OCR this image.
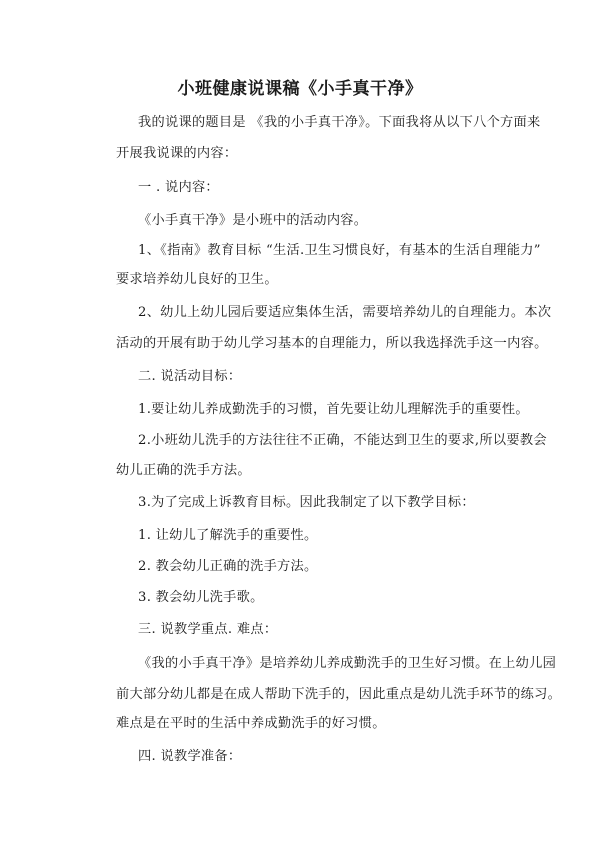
小班健康说课稿《小手真干净》
我的说课的题目是 《我的小手真干净》。下面我将从以下八个方面来
开展我说课的内容：
一 . 说内容：
《小手真干净》是小班中的活动内容。
1、《指南》教育目标 “生活.卫生习惯良好，有基本的生活自理能力”
要求培养幼儿良好的卫生。
2、幼儿上幼儿园后要适应集体生活，需要培养幼儿的自理能力。本次
活动的开展有助于幼儿学习基本的自理能力，所以我选择洗手这一内容。
二. 说活动目标：
1.要让幼儿养成勤洗手的习惯，首先要让幼儿理解洗手的重要性。
2.小班幼儿洗手的方法往往不正确，不能达到卫生的要求,所以要教会
幼儿正确的洗手方法。
3.为了完成上诉教育目标。因此我制定了以下教学目标：
1. 让幼儿了解洗手的重要性。
2. 教会幼儿正确的洗手方法。
3. 教会幼儿洗手歌。
三. 说教学重点. 难点：
《我的小手真干净》是培养幼儿养成勤洗手的卫生好习惯。在上幼儿园
前大部分幼儿都是在成人帮助下洗手的，因此重点是幼儿洗手环节的练习。
难点是在平时的生活中养成勤洗手的好习惯。
四. 说教学准备：
